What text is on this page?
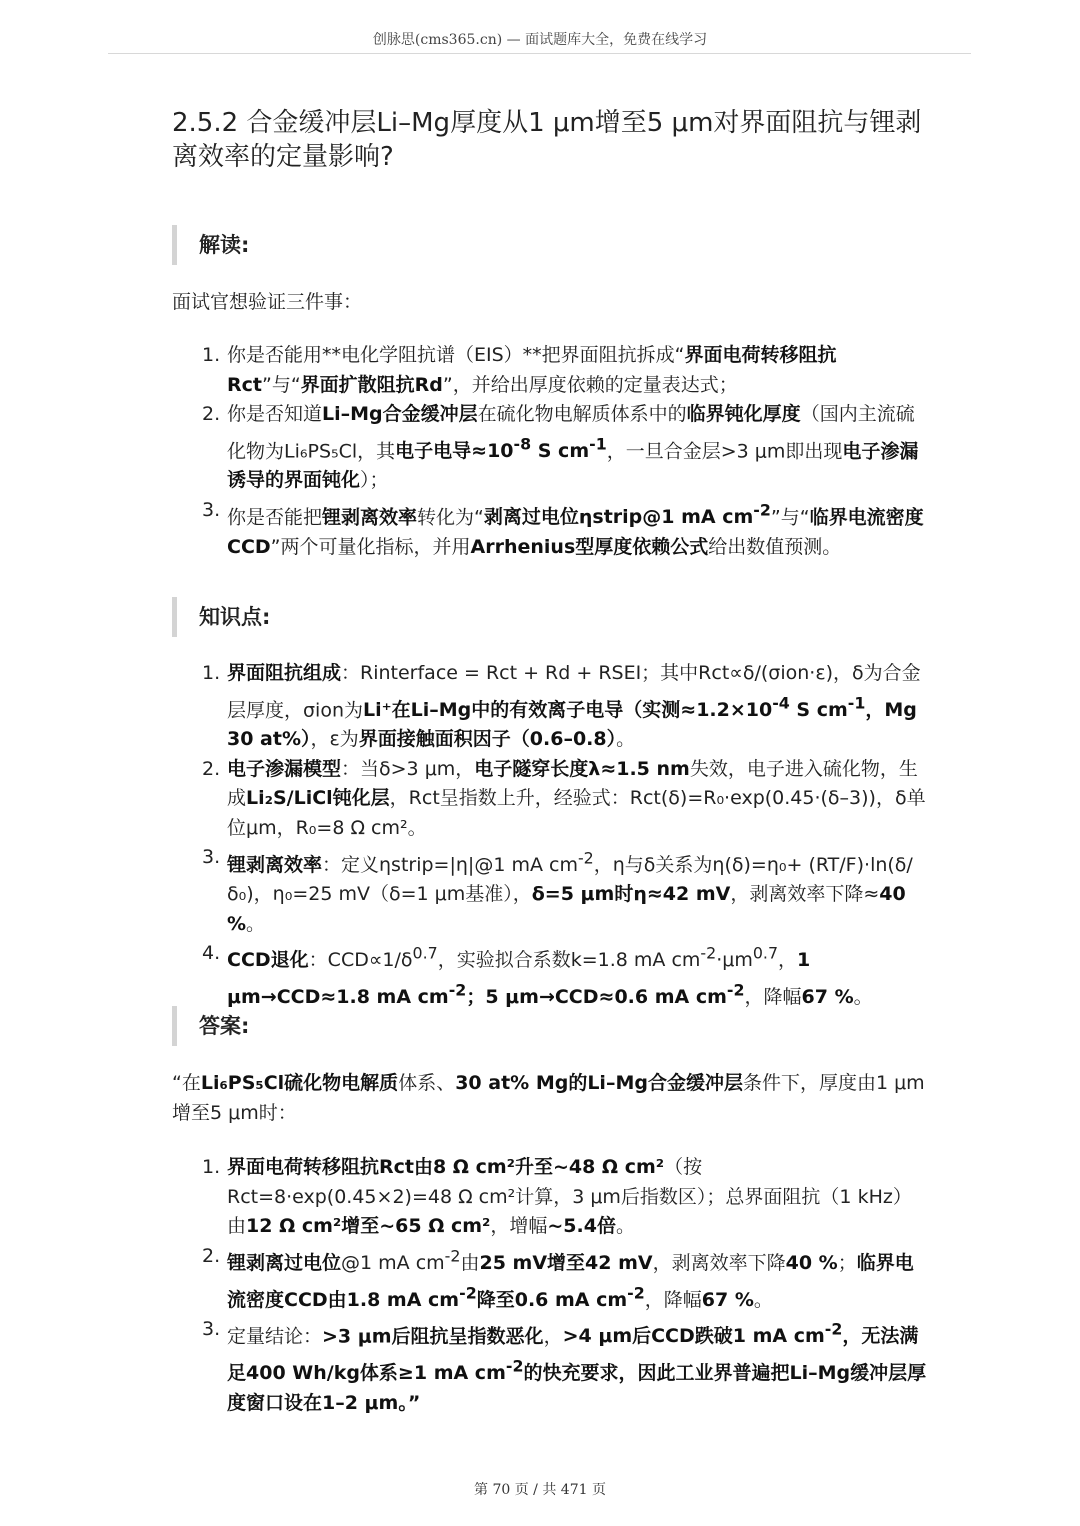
创脉思(cms365.cn) — 面试题库大全，免费在线学习
2.5.2 合金缓冲层Li–Mg厚度从1 μm增至5 μm对界面阻抗与锂剥离效率的定量影响?
解读:

面试官想验证三件事：

1. 你是否能用**电化学阻抗谱（EIS）**把界面阻抗拆成“界面电荷转移阻抗Rct”与“界面扩散阻抗Rd”，并给出厚度依赖的定量表达式；
2. 你是否知道Li–Mg合金缓冲层在硫化物电解质体系中的临界钝化厚度（国内主流硫化物为Li₆PS₅Cl，其电子电导$\approx 10^{-8}$ S $cm^{-1}$，一旦合金层>3 μm即出现电子渗漏诱导的界面钝化）；
3. 你是否能把锂剥离效率转化为“剥离过电位ηstrip@1 mA $cm^{-2}$”与“临界电流密度CCD”两个可量化指标，并用Arrhenius型厚度依赖公式给出数值预测。
知识点:
1. 界面阻抗组成：Rinterface = Rct + Rd + RSEI；其中Rct∝δ/(σion·ε)，δ为合金层厚度，σion为Li⁺在Li–Mg中的有效离子电导（实测$\approx 1.2\times 10^{-4}$ S $cm^{-1}$，Mg 30 at%），ε为界面接触面积因子（0.6–0.8）。
2. 电子渗漏模型：当δ>3 μm，电子隧穿长度λ≈1.5 nm失效，电子进入硫化物，生成Li₂S/LiCl钝化层，Rct呈指数上升，经验式：Rct(δ)=R₀·exp(0.45·(δ–3))，δ单位μm，R₀=8 Ω cm²。
3. 锂剥离效率：定义ηstrip=|η|@1 mA $cm^{-2}$，η与δ关系为η(δ)=η₀+ (RT/F)·ln(δ/δ₀)，η₀=25 mV（δ=1 μm基准），δ=5 μm时η≈42 mV，剥离效率下降≈40 %。
4. CCD退化：$CCD\propto 1/\delta^{0.7}$，实验拟合系数k=1.8 mA $cm^{-2}\cdot\mu m^{0.7}$，1 μm→CCD≈1.8 mA $cm^{-2}$；5 μm→CCD≈0.6 mA $cm^{-2}$，降幅67 %。
答案:

“在Li₆PS₅Cl硫化物电解质体系、30 at% Mg的Li–Mg合金缓冲层条件下，厚度由1 μm增至5 μm时：

1. 界面电荷转移阻抗Rct由8 Ω cm²升至~48 Ω cm²（按Rct=8·exp(0.45×2)=48 Ω cm²计算，3 μm后指数区）；总界面阻抗（1 kHz）由12 Ω cm²增至~65 Ω cm²，增幅~5.4倍。
2. 锂剥离过电位@1 mA $cm^{-2}$由25 mV增至42 mV，剥离效率下降40 %；临界电流密度CCD由1.8 mA $cm^{-2}$降至0.6 mA $cm^{-2}$，降幅67 %。
3. 定量结论：>3 μm后阻抗呈指数恶化，>4 μm后CCD跌破1 mA $cm^{-2}$，无法满足400 Wh/kg体系≥1 mA $cm^{-2}$的快充要求，因此工业界普遍把Li–Mg缓冲层厚度窗口设在1–2 μm。”
第 70 页 / 共 471 页
